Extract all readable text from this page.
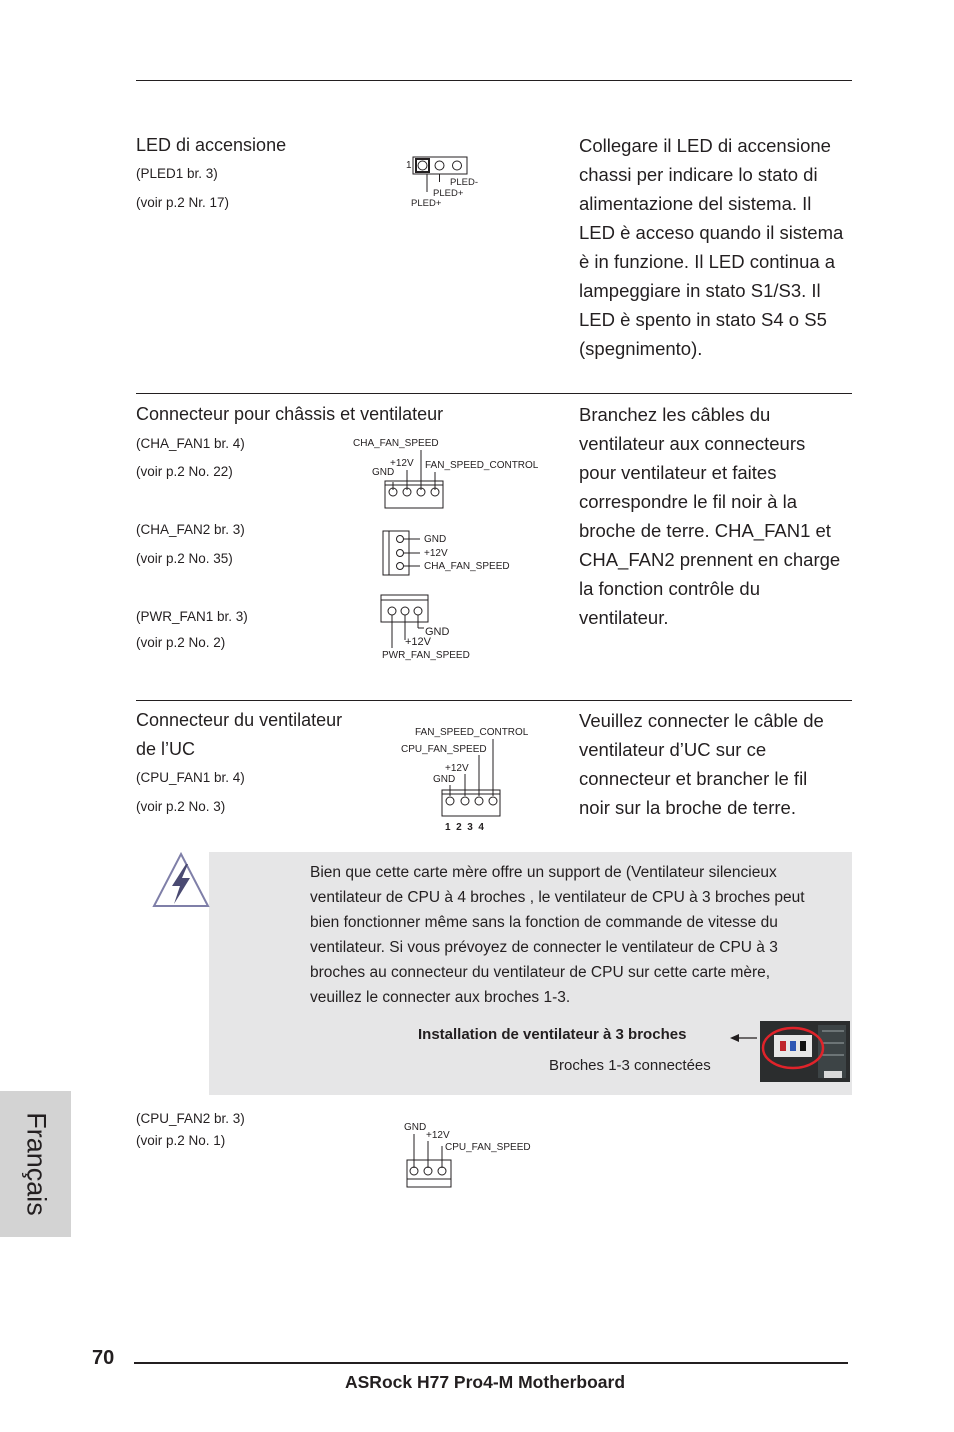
LED di accensione
(PLED1 br. 3)
(voir p.2 Nr. 17)
1
PLED-
PLED+
PLED+
Collegare il LED di accensione
chassi per indicare lo stato di
alimentazione del sistema. Il
LED è acceso quando il sistema
è in funzione. Il LED continua a
lampeggiare in stato S1/S3. Il
LED è spento in stato S4 o S5
(spegnimento).
Connecteur pour châssis et ventilateur
(CHA_FAN1 br. 4)
(voir p.2 No. 22)
(CHA_FAN2 br. 3)
(voir p.2 No. 35)
(PWR_FAN1 br. 3)
(voir p.2 No. 2)
CHA_FAN_SPEED
+12V FAN_SPEED_CONTROL
GND
GND
+12V
CHA_FAN_SPEED
GND
+12V
PWR_FAN_SPEED
Branchez les câbles du
ventilateur aux connecteurs
pour ventilateur et faites
correspondre le fil noir à la
broche de terre. CHA_FAN1 et
CHA_FAN2 prennent en charge
la fonction contrôle du
ventilateur.
Connecteur du ventilateur
de l’UC
(CPU_FAN1 br. 4)
(voir p.2 No. 3)
FAN_SPEED_CONTROL
CPU_FAN_SPEED
+12V
GND
1  2  3  4
Veuillez connecter le câble de
ventilateur d’UC sur ce
connecteur et brancher le fil
noir sur la broche de terre.
Bien que cette carte mère offre un support de (Ventilateur silencieux
ventilateur de CPU à 4 broches , le ventilateur de CPU à 3 broches peut
bien fonctionner même sans la fonction de commande de vitesse du
ventilateur. Si vous prévoyez de connecter le ventilateur de CPU à 3
broches au connecteur du ventilateur de CPU sur cette carte mère,
veuillez le connecter aux broches 1-3.
Installation de ventilateur à 3 broches
Broches 1-3 connectées
(CPU_FAN2 br. 3)
(voir p.2 No. 1)
GND
+12V
CPU_FAN_SPEED
Français
70
ASRock H77 Pro4-M Motherboard
